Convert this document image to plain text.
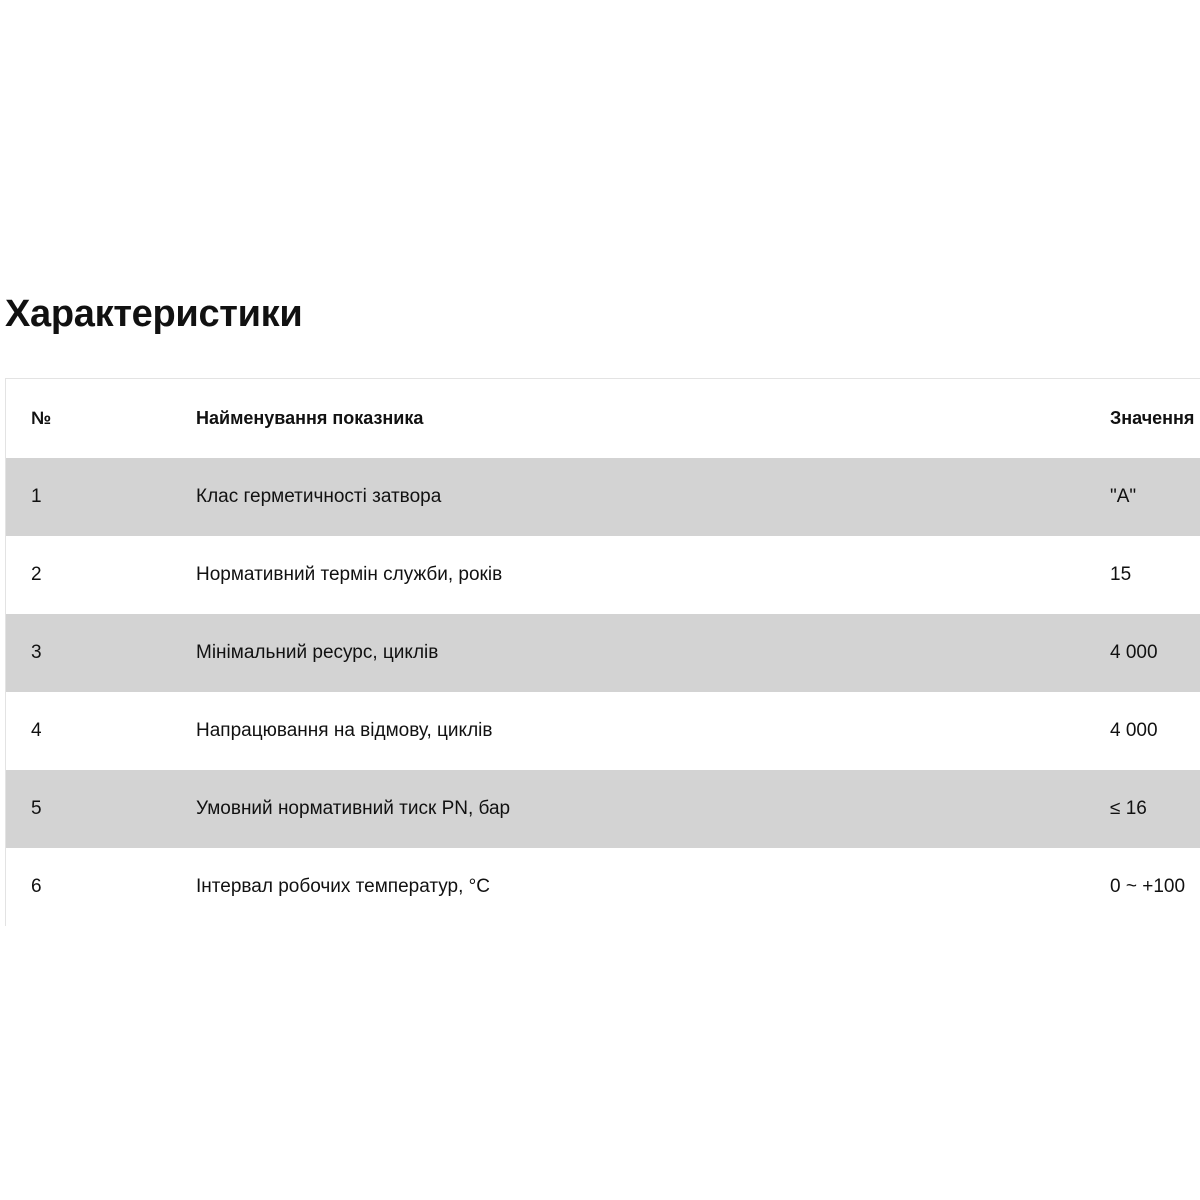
Характеристики
№	Найменування показника	Значення
1	Клас герметичності затвора	"А"
2	Нормативний термін служби, років	15
3	Мінімальний ресурс, циклів	4 000
4	Напрацювання на відмову, циклів	4 000
5	Умовний нормативний тиск PN, бар	≤ 16
6	Інтервал робочих температур, °С	0 ~ +100
